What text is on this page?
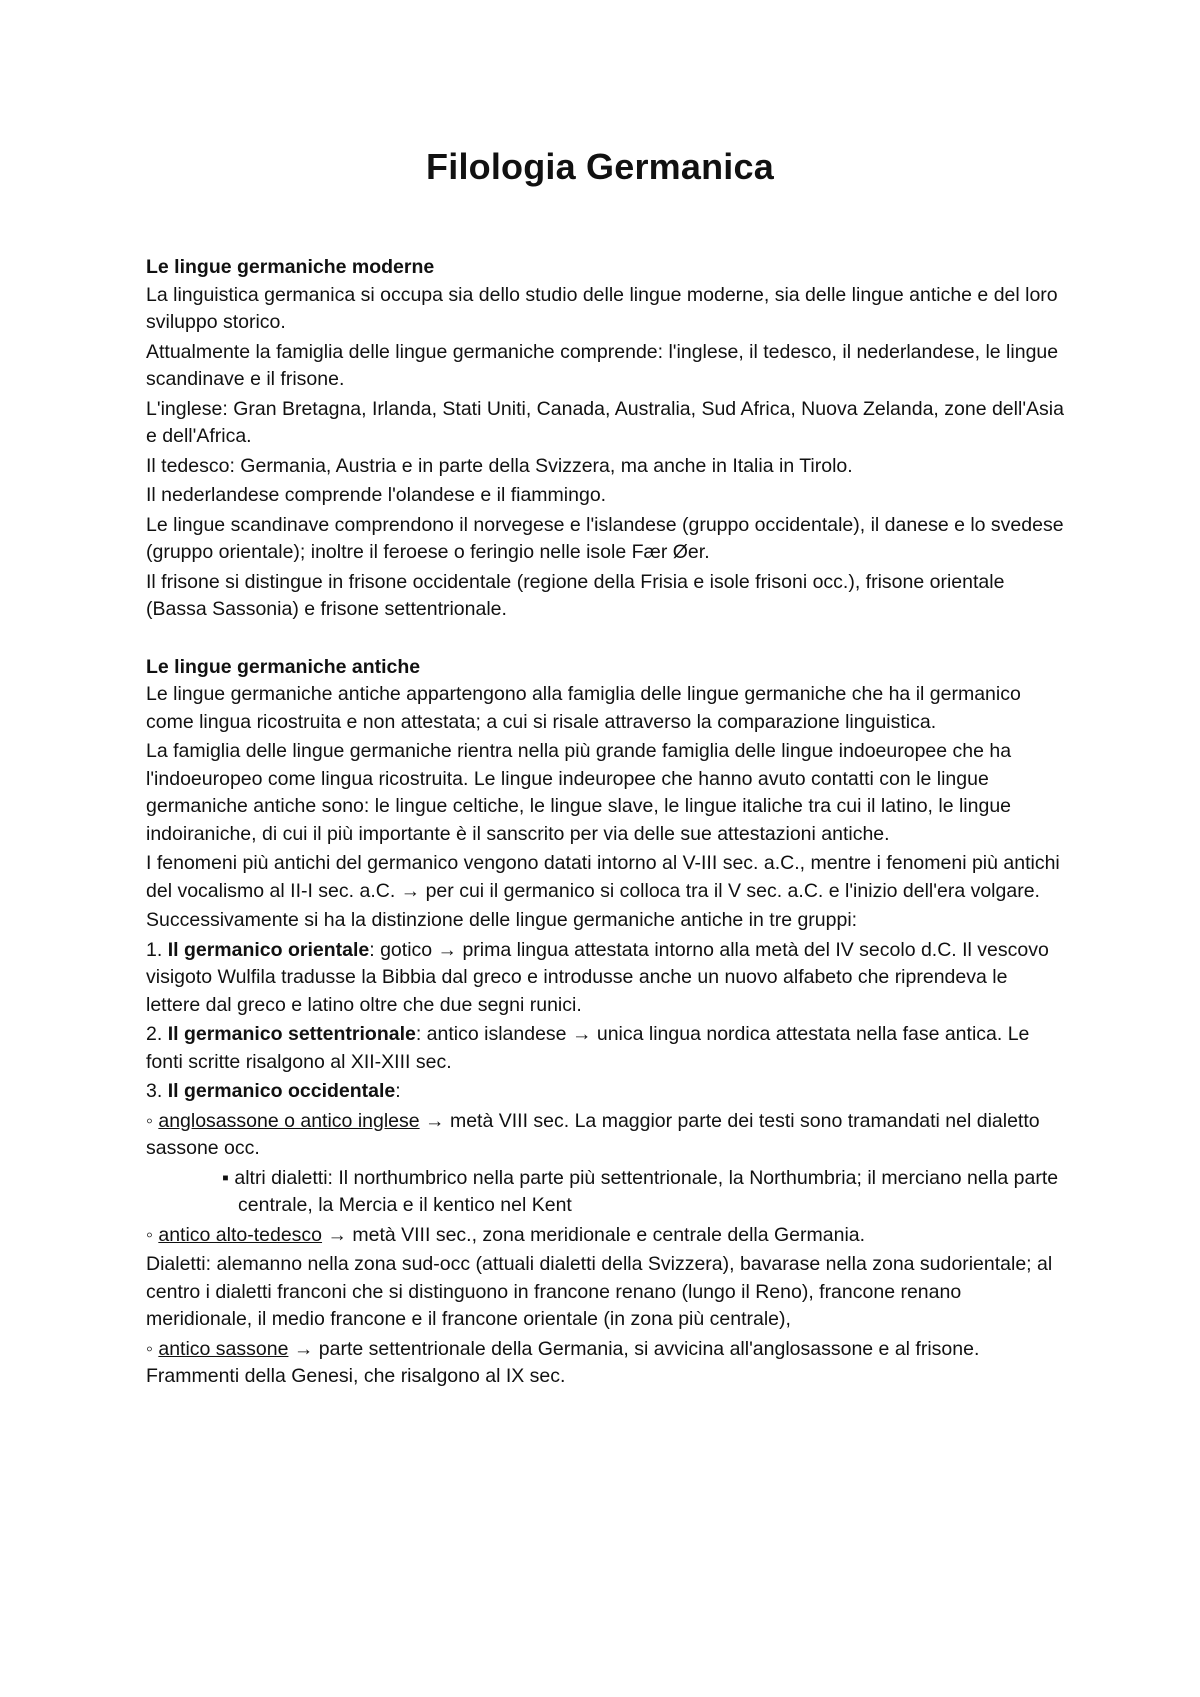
Filologia Germanica

Le lingue germaniche moderne

La linguistica germanica si occupa sia dello studio delle lingue moderne, sia delle lingue antiche e del loro sviluppo storico.

Attualmente la famiglia delle lingue germaniche comprende: l'inglese, il tedesco, il nederlandese, le lingue scandinave e il frisone.

L'inglese: Gran Bretagna, Irlanda, Stati Uniti, Canada, Australia, Sud Africa, Nuova Zelanda, zone dell'Asia e dell'Africa.

Il tedesco: Germania, Austria e in parte della Svizzera, ma anche in Italia in Tirolo.

Il nederlandese comprende l'olandese e il fiammingo.

Le lingue scandinave comprendono il norvegese e l'islandese (gruppo occidentale), il danese e lo svedese (gruppo orientale); inoltre il feroese o feringio nelle isole Fær Øer.

Il frisone si distingue in frisone occidentale (regione della Frisia e isole frisoni occ.), frisone orientale (Bassa Sassonia) e frisone settentrionale.

Le lingue germaniche antiche

Le lingue germaniche antiche appartengono alla famiglia delle lingue germaniche che ha il germanico come lingua ricostruita e non attestata; a cui si risale attraverso la comparazione linguistica.

La famiglia delle lingue germaniche rientra nella più grande famiglia delle lingue indoeuropee che ha l'indoeuropeo come lingua ricostruita. Le lingue indeuropee che hanno avuto contatti con le lingue germaniche antiche sono: le lingue celtiche, le lingue slave, le lingue italiche tra cui il latino, le lingue indoiraniche, di cui il più importante è il sanscrito per via delle sue attestazioni antiche.

I fenomeni più antichi del germanico vengono datati intorno al V-III sec. a.C., mentre i fenomeni più antichi del vocalismo al II-I sec. a.C. → per cui il germanico si colloca tra il V sec. a.C. e l'inizio dell'era volgare.

Successivamente si ha la distinzione delle lingue germaniche antiche in tre gruppi:

1. Il germanico orientale: gotico → prima lingua attestata intorno alla metà del IV secolo d.C. Il vescovo visigoto Wulfila tradusse la Bibbia dal greco e introdusse anche un nuovo alfabeto che riprendeva le lettere dal greco e latino oltre che due segni runici.

2. Il germanico settentrionale: antico islandese → unica lingua nordica attestata nella fase antica. Le fonti scritte risalgono al XII-XIII sec.

3. Il germanico occidentale:

◦ anglosassone o antico inglese → metà VIII sec. La maggior parte dei testi sono tramandati nel dialetto sassone occ.

▪ altri dialetti: Il northumbrico nella parte più settentrionale, la Northumbria; il merciano nella parte centrale, la Mercia e il kentico nel Kent

◦ antico alto-tedesco → metà VIII sec., zona meridionale e centrale della Germania.

Dialetti: alemanno nella zona sud-occ (attuali dialetti della Svizzera), bavarase nella zona sudorientale; al centro i dialetti franconi che si distinguono in francone renano (lungo il Reno), francone renano meridionale, il medio francone e il francone orientale (in zona più centrale),

◦ antico sassone → parte settentrionale della Germania, si avvicina all'anglosassone e al frisone. Frammenti della Genesi, che risalgono al IX sec.
